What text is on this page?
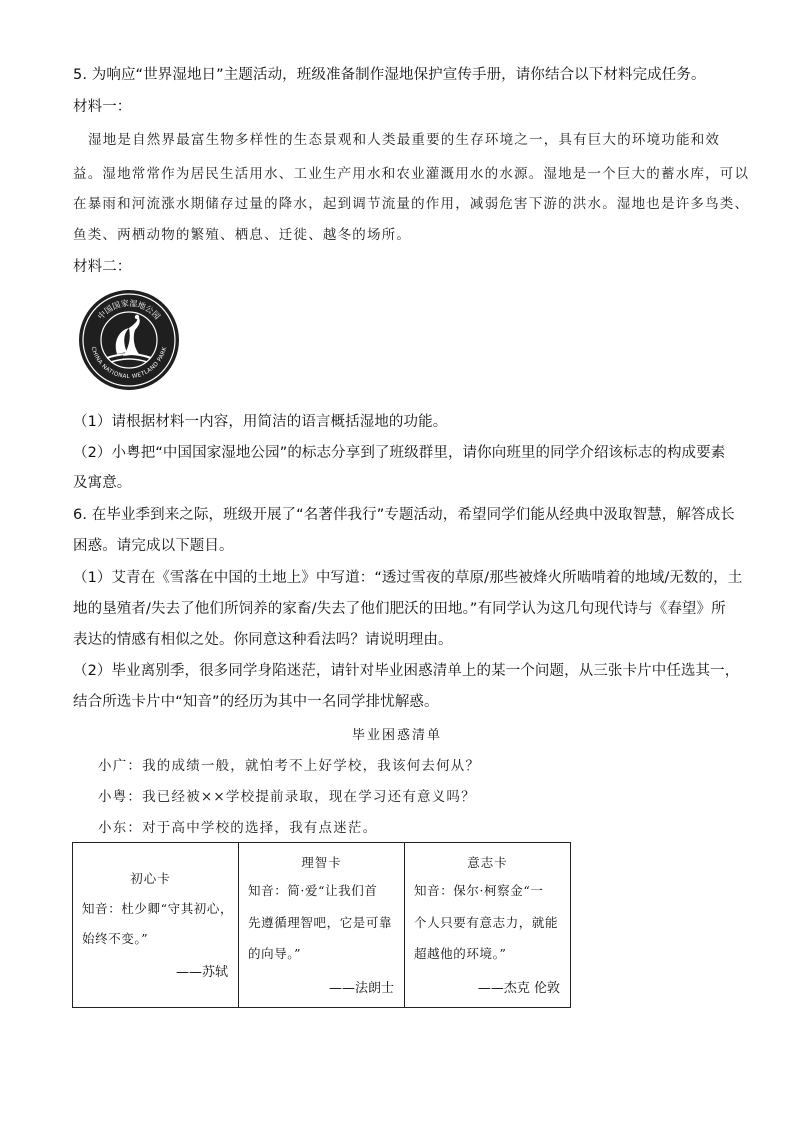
5. 为响应“世界湿地日”主题活动，班级准备制作湿地保护宣传手册，请你结合以下材料完成任务。
材料一：
湿地是自然界最富生物多样性的生态景观和人类最重要的生存环境之一，具有巨大的环境功能和效
益。湿地常常作为居民生活用水、工业生产用水和农业灌溉用水的水源。湿地是一个巨大的蓄水库，可以
在暴雨和河流涨水期储存过量的降水，起到调节流量的作用，减弱危害下游的洪水。湿地也是许多鸟类、
鱼类、两栖动物的繁殖、栖息、迁徙、越冬的场所。
材料二：
中国国家湿地公园
CHINA NATIONAL WETLAND PARK
（1）请根据材料一内容，用简洁的语言概括湿地的功能。
（2）小粤把“中国国家湿地公园”的标志分享到了班级群里，请你向班里的同学介绍该标志的构成要素
及寓意。
6. 在毕业季到来之际，班级开展了“名著伴我行”专题活动，希望同学们能从经典中汲取智慧，解答成长
困惑。请完成以下题目。
（1）艾青在《雪落在中国的土地上》中写道：“透过雪夜的草原/那些被烽火所啮啃着的地域/无数的，土
地的垦殖者/失去了他们所饲养的家畜/失去了他们肥沃的田地。”有同学认为这几句现代诗与《春望》所
表达的情感有相似之处。你同意这种看法吗？请说明理由。
（2）毕业离别季，很多同学身陷迷茫，请针对毕业困惑清单上的某一个问题，从三张卡片中任选其一，
结合所选卡片中“知音”的经历为其中一名同学排忧解惑。
毕业困惑清单
小广：我的成绩一般，就怕考不上好学校，我该何去何从？
小粤：我已经被××学校提前录取，现在学习还有意义吗？
小东：对于高中学校的选择，我有点迷茫。
初心卡
知音：杜少卿“守其初心，
始终不变。”
——苏轼
理智卡
知音：简·爱“让我们首
先遵循理智吧，它是可靠
的向导。”
——法朗士
意志卡
知音：保尔·柯察金“一
个人只要有意志力，就能
超越他的环境。”
——杰克 伦敦
